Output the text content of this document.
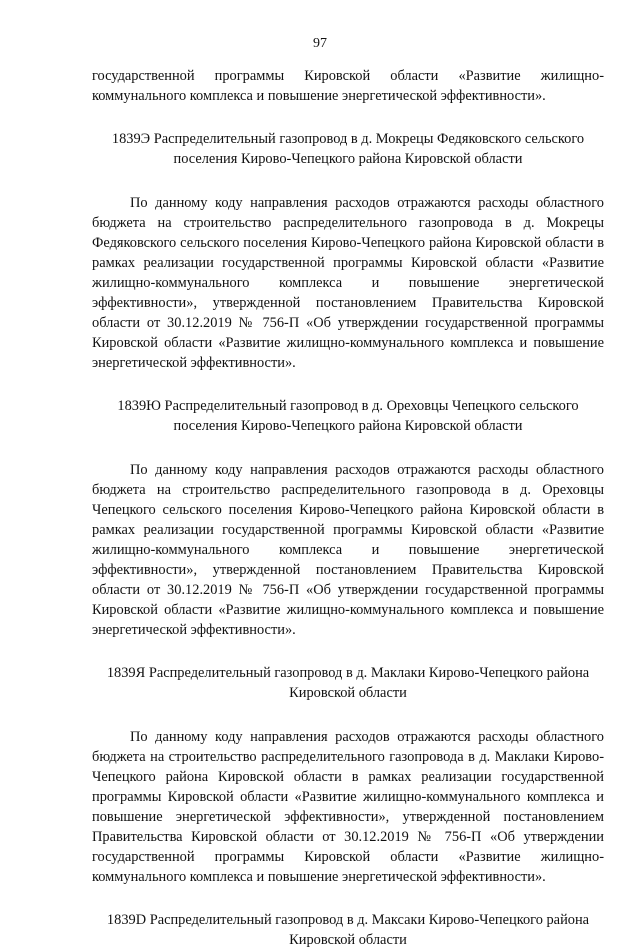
97

государственной программы Кировской области «Развитие жилищно-коммунального комплекса и повышение энергетической эффективности».

1839Э Распределительный газопровод в д. Мокрецы Федяковского сельского поселения Кирово-Чепецкого района Кировской области

По данному коду направления расходов отражаются расходы областного бюджета на строительство распределительного газопровода в д. Мокрецы Федяковского сельского поселения Кирово-Чепецкого района Кировской области в рамках реализации государственной программы Кировской области «Развитие жилищно-коммунального комплекса и повышение энергетической эффективности», утвержденной постановлением Правительства Кировской области от 30.12.2019 № 756-П «Об утверждении государственной программы Кировской области «Развитие жилищно-коммунального комплекса и повышение энергетической эффективности».

1839Ю Распределительный газопровод в д. Ореховцы Чепецкого сельского поселения Кирово-Чепецкого района Кировской области

По данному коду направления расходов отражаются расходы областного бюджета на строительство распределительного газопровода в д. Ореховцы Чепецкого сельского поселения Кирово-Чепецкого района Кировской области в рамках реализации государственной программы Кировской области «Развитие жилищно-коммунального комплекса и повышение энергетической эффективности», утвержденной постановлением Правительства Кировской области от 30.12.2019 № 756-П «Об утверждении государственной программы Кировской области «Развитие жилищно-коммунального комплекса и повышение энергетической эффективности».

1839Я Распределительный газопровод в д. Маклаки Кирово-Чепецкого района Кировской области

По данному коду направления расходов отражаются расходы областного бюджета на строительство распределительного газопровода в д. Маклаки Кирово-Чепецкого района Кировской области в рамках реализации государственной программы Кировской области «Развитие жилищно-коммунального комплекса и повышение энергетической эффективности», утвержденной постановлением Правительства Кировской области от 30.12.2019 № 756-П «Об утверждении государственной программы Кировской области «Развитие жилищно-коммунального комплекса и повышение энергетической эффективности».

1839D Распределительный газопровод в д. Максаки Кирово-Чепецкого района Кировской области
